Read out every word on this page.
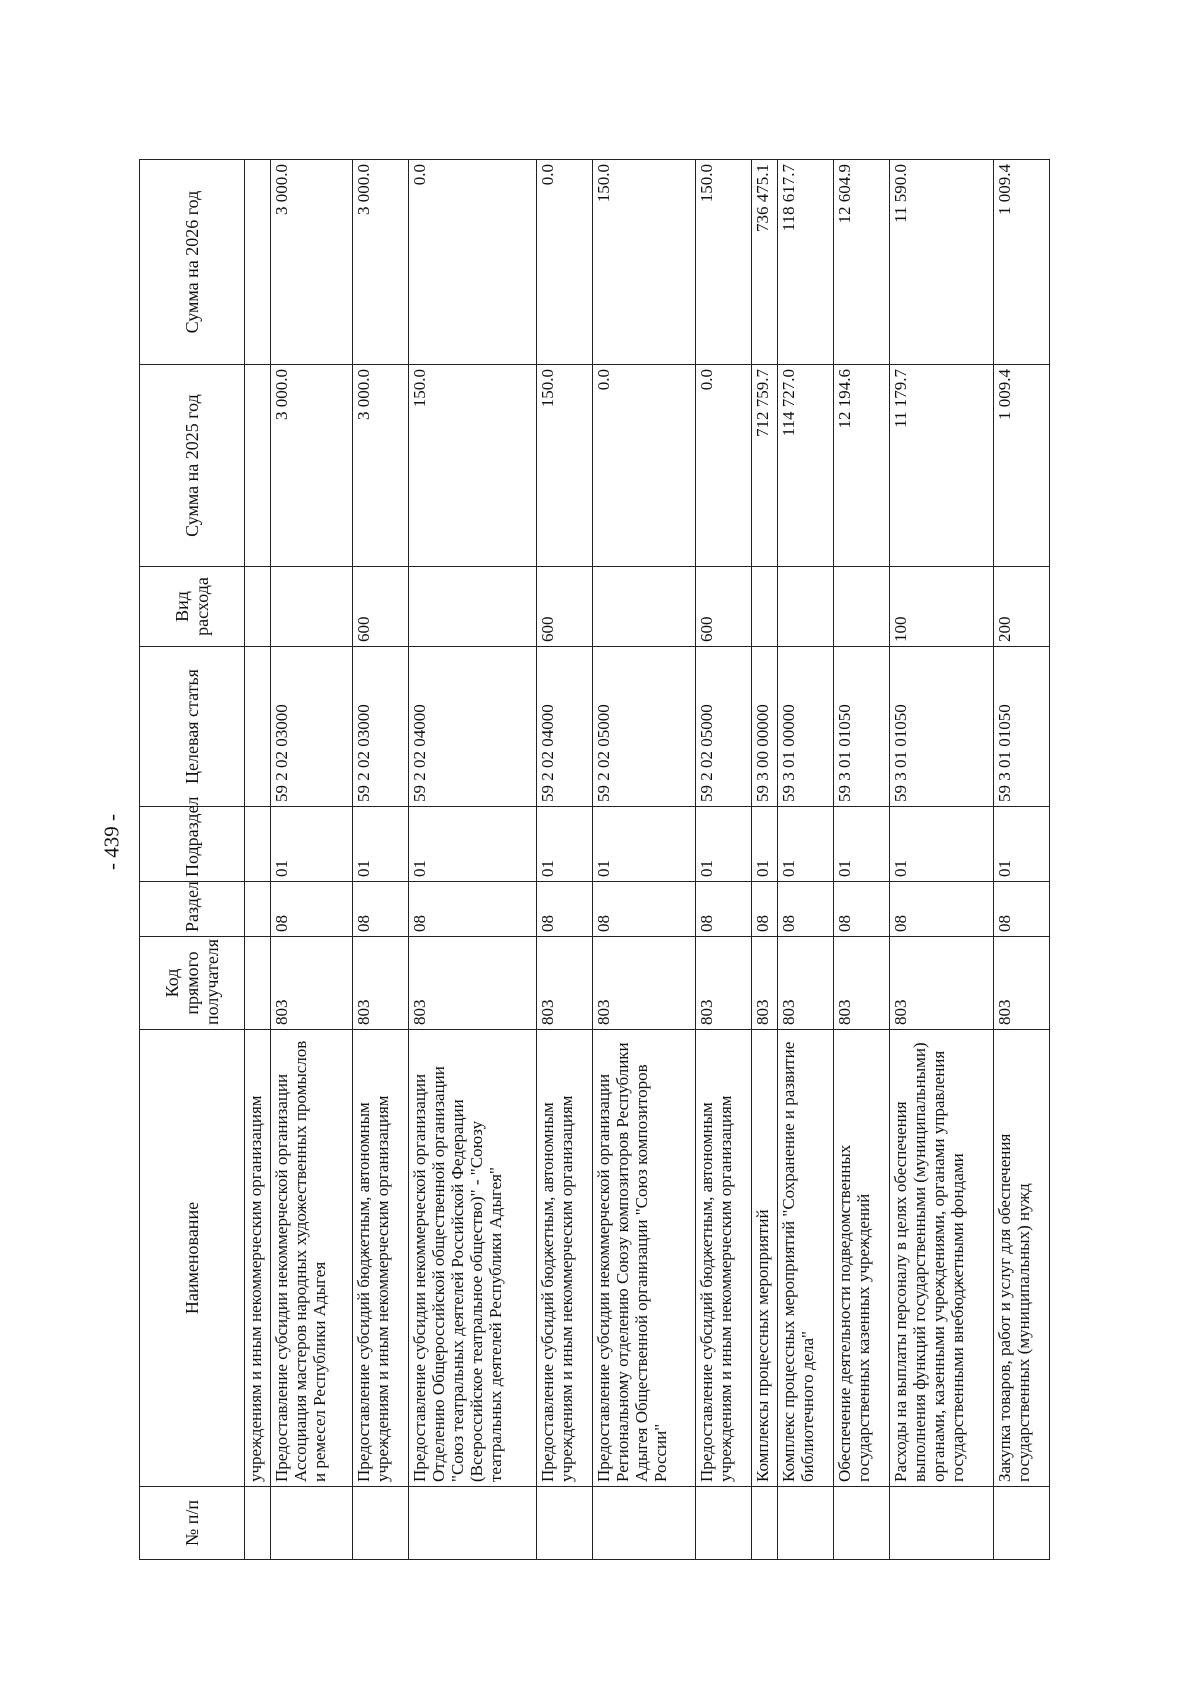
- 439 -
№ п/п	Наименование	Код прямого получателя	Раздел	Подраздел	Целевая статья	Вид расхода	Сумма на 2025 год	Сумма на 2026 год
	учреждениям и иным некоммерческим организациям							
	Предоставление субсидии некоммерческой организации Ассоциация мастеров народных художественных промыслов и ремесел Республики Адыгея	803	08	01	59 2 02 03000		3 000.0	3 000.0
	Предоставление субсидий бюджетным, автономным учреждениям и иным некоммерческим организациям	803	08	01	59 2 02 03000	600	3 000.0	3 000.0
	Предоставление субсидии некоммерческой организации Отделению Общероссийской общественной организации "Союз театральных деятелей Российской Федерации (Всероссийское театральное общество)" - "Союзу театральных деятелей Республики Адыгея"	803	08	01	59 2 02 04000		150.0	0.0
	Предоставление субсидий бюджетным, автономным учреждениям и иным некоммерческим организациям	803	08	01	59 2 02 04000	600	150.0	0.0
	Предоставление субсидии некоммерческой организации Региональному отделению Союзу композиторов Республики Адыгея Общественной организации "Союз композиторов России"	803	08	01	59 2 02 05000		0.0	150.0
	Предоставление субсидий бюджетным, автономным учреждениям и иным некоммерческим организациям	803	08	01	59 2 02 05000	600	0.0	150.0
	Комплексы процессных мероприятий	803	08	01	59 3 00 00000		712 759.7	736 475.1
	Комплекс процессных мероприятий "Сохранение и развитие библиотечного дела"	803	08	01	59 3 01 00000		114 727.0	118 617.7
	Обеспечение деятельности подведомственных государственных казенных учреждений	803	08	01	59 3 01 01050		12 194.6	12 604.9
	Расходы на выплаты персоналу в целях обеспечения выполнения функций государственными (муниципальными) органами, казенными учреждениями, органами управления государственными внебюджетными фондами	803	08	01	59 3 01 01050	100	11 179.7	11 590.0
	Закупка товаров, работ и услуг для обеспечения государственных (муниципальных) нужд	803	08	01	59 3 01 01050	200	1 009.4	1 009.4
